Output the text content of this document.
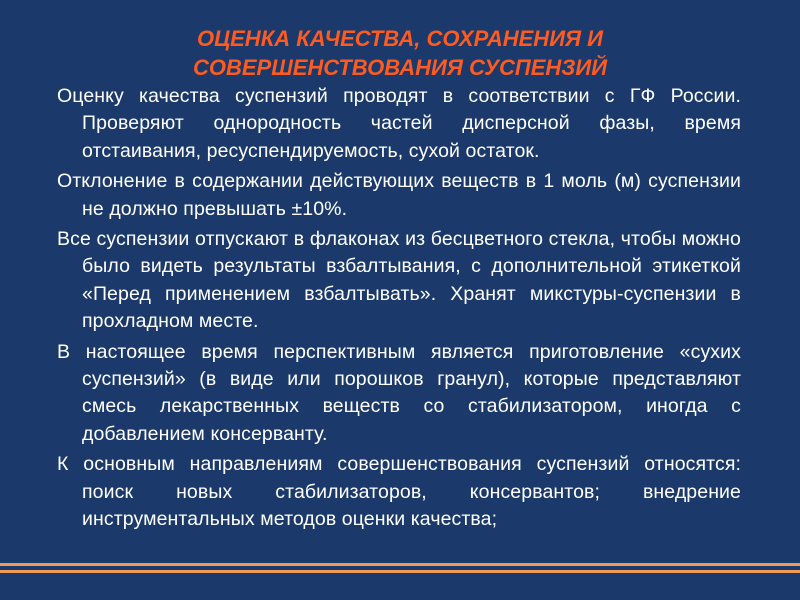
ОЦЕНКА КАЧЕСТВА, СОХРАНЕНИЯ И
СОВЕРШЕНСТВОВАНИЯ СУСПЕНЗИЙ

Оценку качества суспензий проводят в соответствии с ГФ России. Проверяют однородность частей дисперсной фазы, время отстаивания, ресуспендируемость, сухой остаток.

Отклонение в содержании действующих веществ в 1 моль (м) суспензии не должно превышать ±10%.

Все суспензии отпускают в флаконах из бесцветного стекла, чтобы можно было видеть результаты взбалтывания, с дополнительной этикеткой «Перед применением взбалтывать». Хранят микстуры-суспензии в прохладном месте.

В настоящее время перспективным является приготовление «сухих суспензий» (в виде или порошков гранул), которые представляют смесь лекарственных веществ со стабилизатором, иногда с добавлением консерванту.

К основным направлениям совершенствования суспензий относятся: поиск новых стабилизаторов, консервантов; внедрение инструментальных методов оценки качества;
